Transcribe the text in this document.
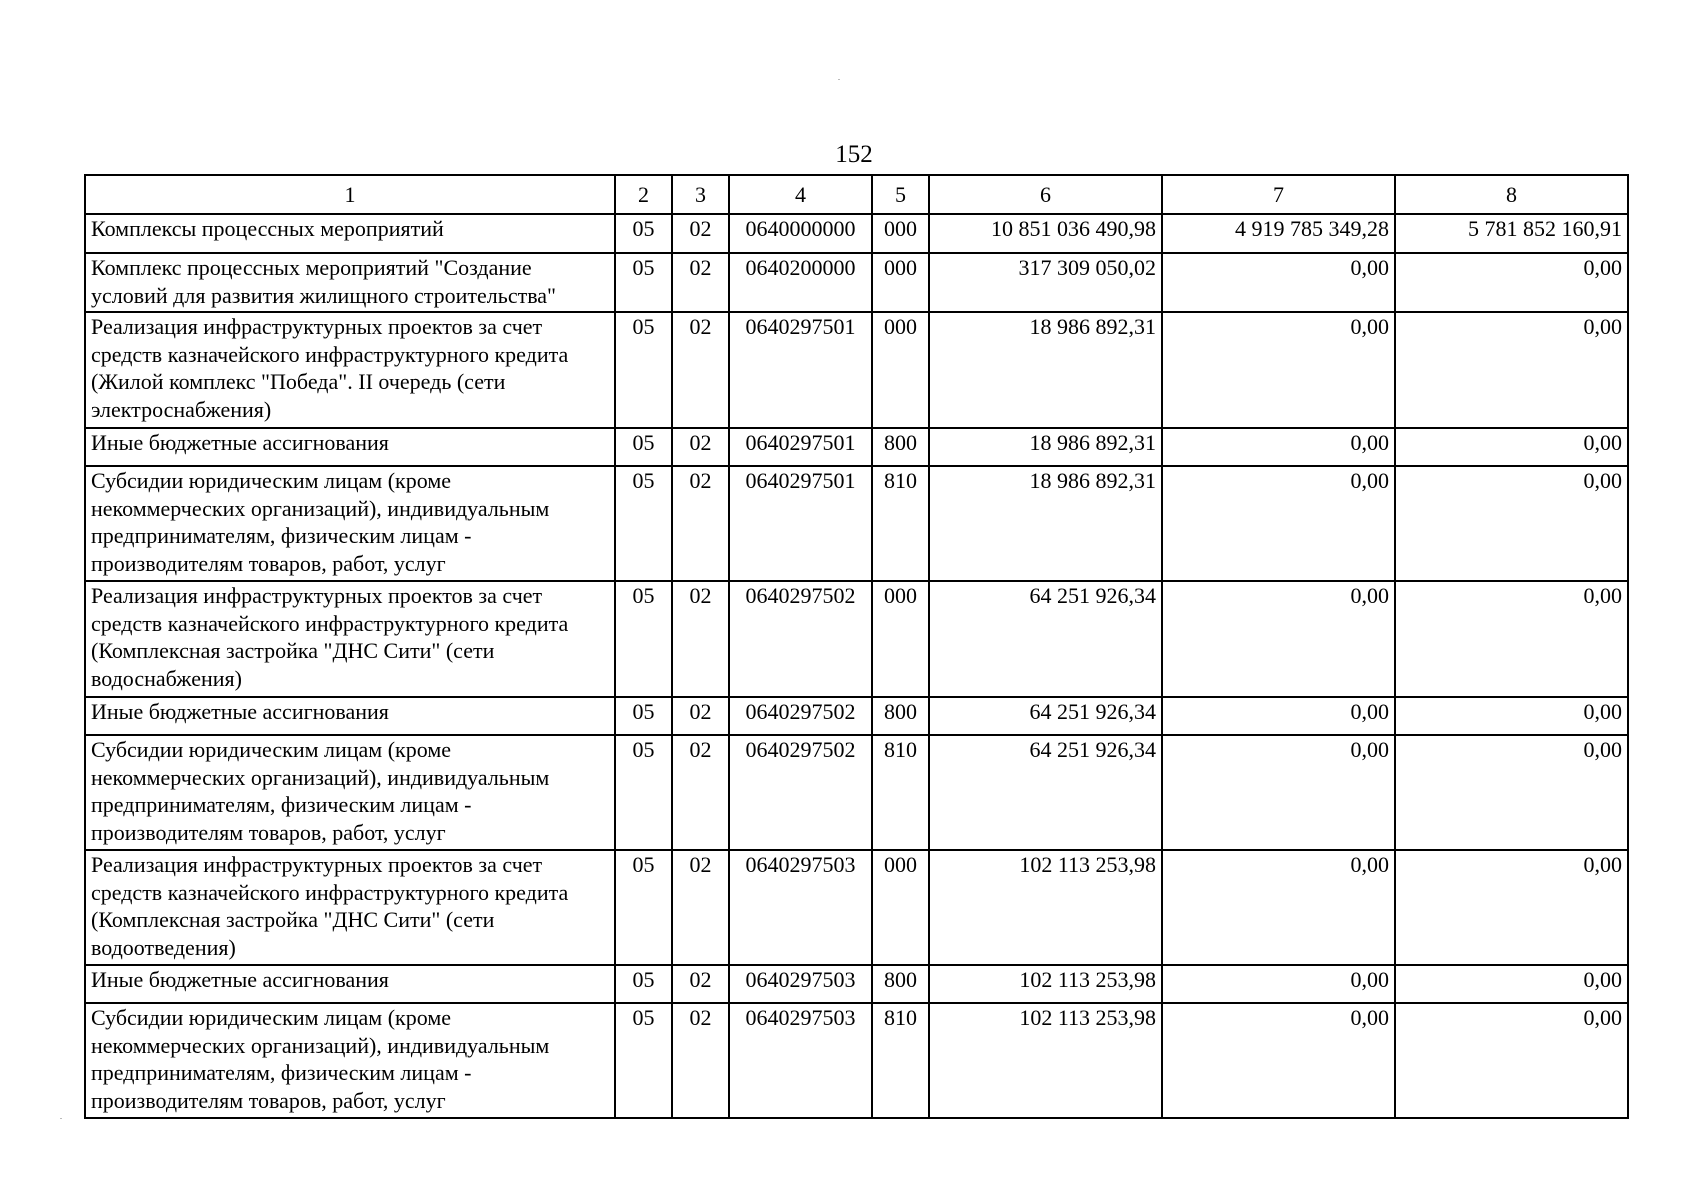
152
1	2	3	4	5	6	7	8
Комплексы процессных мероприятий	05	02	0640000000	000	10 851 036 490,98	4 919 785 349,28	5 781 852 160,91
Комплекс процессных мероприятий "Создание условий для развития жилищного строительства"	05	02	0640200000	000	317 309 050,02	0,00	0,00
Реализация инфраструктурных проектов за счет средств казначейского инфраструктурного кредита (Жилой комплекс "Победа". II очередь (сети электроснабжения)	05	02	0640297501	000	18 986 892,31	0,00	0,00
Иные бюджетные ассигнования	05	02	0640297501	800	18 986 892,31	0,00	0,00
Субсидии юридическим лицам (кроме некоммерческих организаций), индивидуальным предпринимателям, физическим лицам - производителям товаров, работ, услуг	05	02	0640297501	810	18 986 892,31	0,00	0,00
Реализация инфраструктурных проектов за счет средств казначейского инфраструктурного кредита (Комплексная застройка "ДНС Сити" (сети водоснабжения)	05	02	0640297502	000	64 251 926,34	0,00	0,00
Иные бюджетные ассигнования	05	02	0640297502	800	64 251 926,34	0,00	0,00
Субсидии юридическим лицам (кроме некоммерческих организаций), индивидуальным предпринимателям, физическим лицам - производителям товаров, работ, услуг	05	02	0640297502	810	64 251 926,34	0,00	0,00
Реализация инфраструктурных проектов за счет средств казначейского инфраструктурного кредита (Комплексная застройка "ДНС Сити" (сети водоотведения)	05	02	0640297503	000	102 113 253,98	0,00	0,00
Иные бюджетные ассигнования	05	02	0640297503	800	102 113 253,98	0,00	0,00
Субсидии юридическим лицам (кроме некоммерческих организаций), индивидуальным предпринимателям, физическим лицам - производителям товаров, работ, услуг	05	02	0640297503	810	102 113 253,98	0,00	0,00
